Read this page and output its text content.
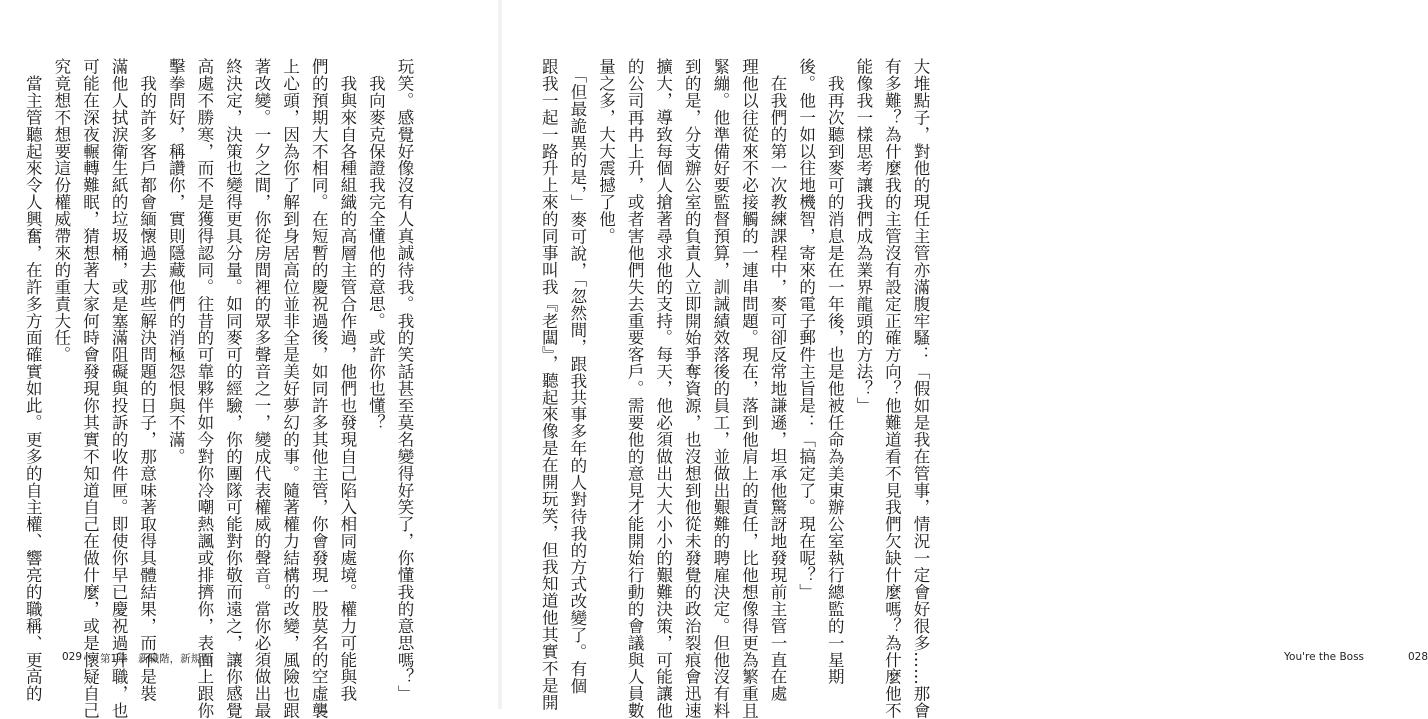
玩笑。感覺好像沒有人真誠待我。我的笑話甚至莫名變得好笑了，你懂我的意思嗎？」
　我向麥克保證我完全懂他的意思。或許你也懂？
　我與來自各種組織的高層主管合作過，他們也發現自己陷入相同處境。權力可能與我
們的預期大不相同。在短暫的慶祝過後，如同許多其他主管，你會發現一股莫名的空虛襲
上心頭，因為你了解到身居高位並非全是美好夢幻的事。隨著權力結構的改變，風險也跟
著改變。一夕之間，你從房間裡的眾多聲音之一，變成代表權威的聲音。當你必須做出最
終決定，決策也變得更具分量。如同麥可的經驗，你的團隊可能對你敬而遠之，讓你感覺
高處不勝寒，而不是獲得認同。往昔的可靠夥伴如今對你冷嘲熱諷或排擠你，表面上跟你
擊拳問好，稱讚你，實則隱藏他們的消極怨恨與不滿。
　我的許多客戶都會緬懷過去那些解決問題的日子，那意味著取得具體結果，而不是裝
滿他人拭淚衛生紙的垃圾桶，或是塞滿阻礙與投訴的收件匣。即使你早已慶祝過升職，也
可能在深夜輾轉難眠，猜想著大家何時會發現你其實不知道自己在做什麼，或是懷疑自己
究竟想不想要這份權威帶來的重責大任。
　當主管聽起來令人興奮，在許多方面確實如此。更多的自主權、響亮的職稱、更高的	029 第1章　新職階，新規則	大堆點子，對他的現任主管亦滿腹牢騷：「假如是我在管事，情況一定會好很多……那會
有多難？為什麼我的主管沒有設定正確方向？他難道看不見我們欠缺什麼嗎？為什麼他不
能像我一樣思考讓我們成為業界龍頭的方法？」
　我再次聽到麥可的消息是在一年後，也是他被任命為美東辦公室執行總監的一星期
後。他一如以往地機智，寄來的電子郵件主旨是：「搞定了。現在呢？」
　在我們的第一次教練課程中，麥可卻反常地謙遜，坦承他驚訝地發現前主管一直在處
理他以往從來不必接觸的一連串問題。現在，落到他肩上的責任，比他想像得更為繁重且
緊繃。他準備好要監督預算，訓誡績效落後的員工，並做出艱難的聘雇決定。但他沒有料
到的是，分支辦公室的負責人立即開始爭奪資源，也沒想到他從未發覺的政治裂痕會迅速
擴大，導致每個人搶著尋求他的支持。每天，他必須做出大大小小的艱難決策，可能讓他
的公司再冉上升，或者害他們失去重要客戶。需要他的意見才能開始行動的會議與人員數
量之多，大大震撼了他。
　「但最詭異的是，」麥可說，「忽然間，跟我共事多年的人對待我的方式改變了。有個
跟我一起一路升上來的同事叫我『老闆』，聽起來像是在開玩笑，但我知道他其實不是開	You're the Boss	028
